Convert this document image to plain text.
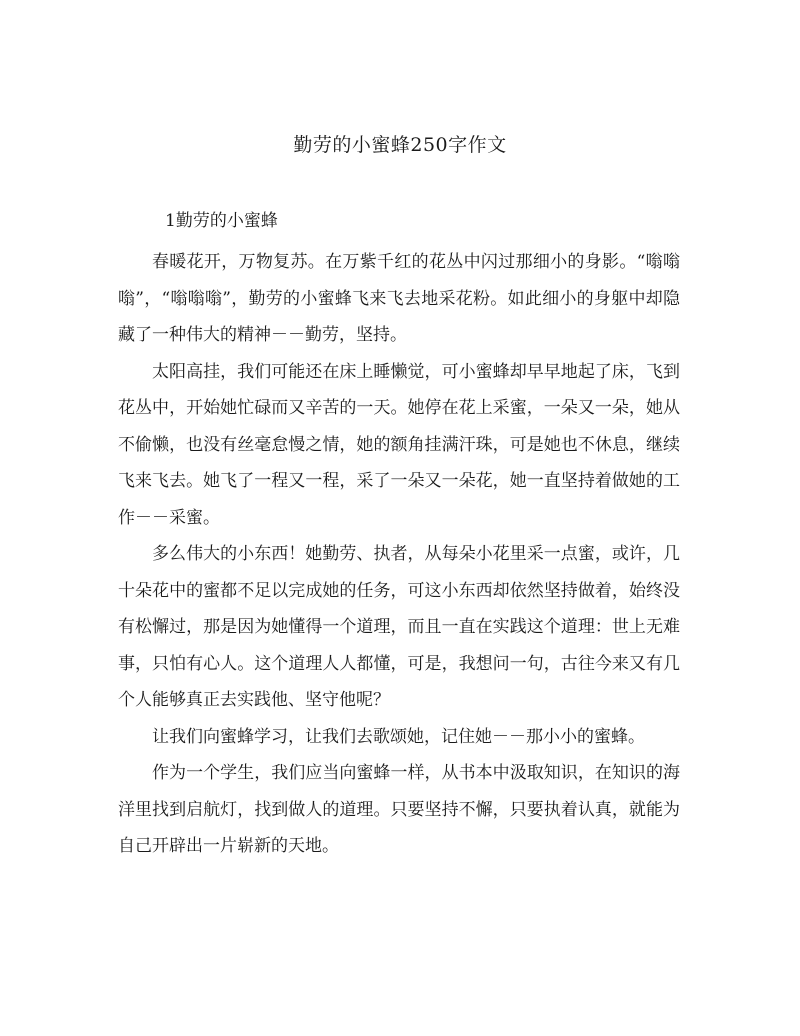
勤劳的小蜜蜂250字作文
1勤劳的小蜜蜂

春暖花开，万物复苏。在万紫千红的花丛中闪过那细小的身影。“嗡嗡嗡”，“嗡嗡嗡”，勤劳的小蜜蜂飞来飞去地采花粉。如此细小的身躯中却隐藏了一种伟大的精神－－勤劳，坚持。

太阳高挂，我们可能还在床上睡懒觉，可小蜜蜂却早早地起了床，飞到花丛中，开始她忙碌而又辛苦的一天。她停在花上采蜜，一朵又一朵，她从不偷懒，也没有丝毫怠慢之情，她的额角挂满汗珠，可是她也不休息，继续飞来飞去。她飞了一程又一程，采了一朵又一朵花，她一直坚持着做她的工作－－采蜜。

多么伟大的小东西！她勤劳、执者，从每朵小花里采一点蜜，或许，几十朵花中的蜜都不足以完成她的任务，可这小东西却依然坚持做着，始终没有松懈过，那是因为她懂得一个道理，而且一直在实践这个道理：世上无难事，只怕有心人。这个道理人人都懂，可是，我想问一句，古往今来又有几个人能够真正去实践他、坚守他呢？

让我们向蜜蜂学习，让我们去歌颂她，记住她－－那小小的蜜蜂。

作为一个学生，我们应当向蜜蜂一样，从书本中汲取知识，在知识的海洋里找到启航灯，找到做人的道理。只要坚持不懈，只要执着认真，就能为自己开辟出一片崭新的天地。
